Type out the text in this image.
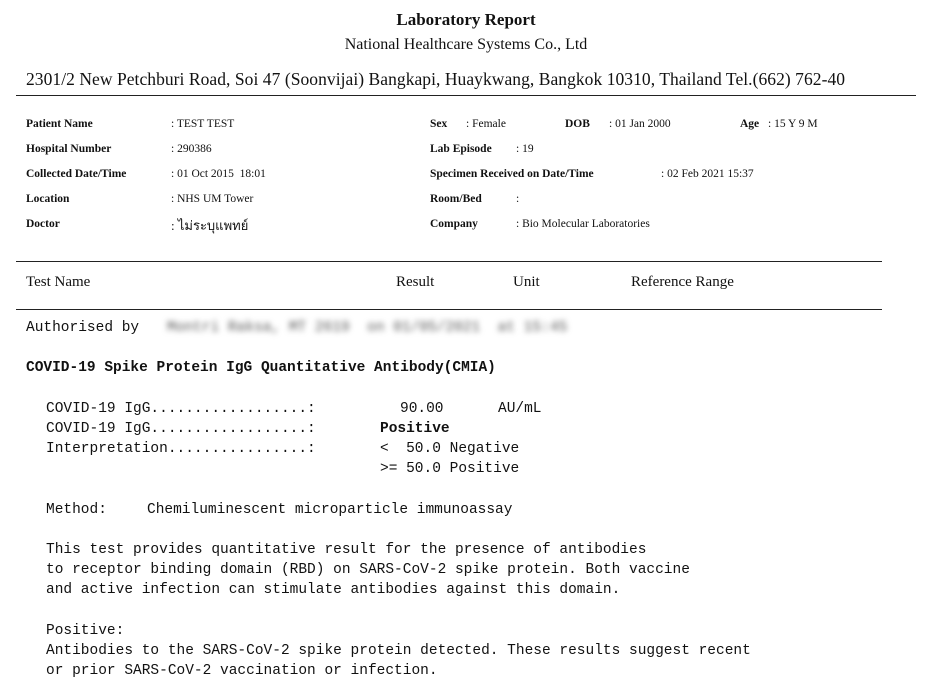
Laboratory Report
National Healthcare Systems Co., Ltd
2301/2 New Petchburi Road, Soi 47 (Soonvijai) Bangkapi, Huaykwang, Bangkok 10310, Thailand Tel.(662) 762-40
Patient Name	: TEST TEST
Hospital Number	: 290386
Collected Date/Time	: 01 Oct 2015  18:01
Location	: NHS UM Tower
Doctor	: ไม่ระบุแพทย์
Sex : Female	DOB : 01 Jan 2000	Age : 15 Y 9 M
Lab Episode : 19
Specimen Received on Date/Time	: 02 Feb 2021 15:37
Room/Bed	:
Company	: Bio Molecular Laboratories
Test Name	Result	Unit	Reference Range
Authorised by Montri Raksa, MT 2619  on 01/05/2021  at 15:45
COVID-19 Spike Protein IgG Quantitative Antibody(CMIA)
COVID-19 IgG..................:	90.00	AU/mL
COVID-19 IgG..................:	Positive
Interpretation................:	<  50.0 Negative
>= 50.0 Positive
Method:	Chemiluminescent microparticle immunoassay
This test provides quantitative result for the presence of antibodies
to receptor binding domain (RBD) on SARS-CoV-2 spike protein. Both vaccine
and active infection can stimulate antibodies against this domain.
Positive:
Antibodies to the SARS-CoV-2 spike protein detected. These results suggest recent
or prior SARS-CoV-2 vaccination or infection.
